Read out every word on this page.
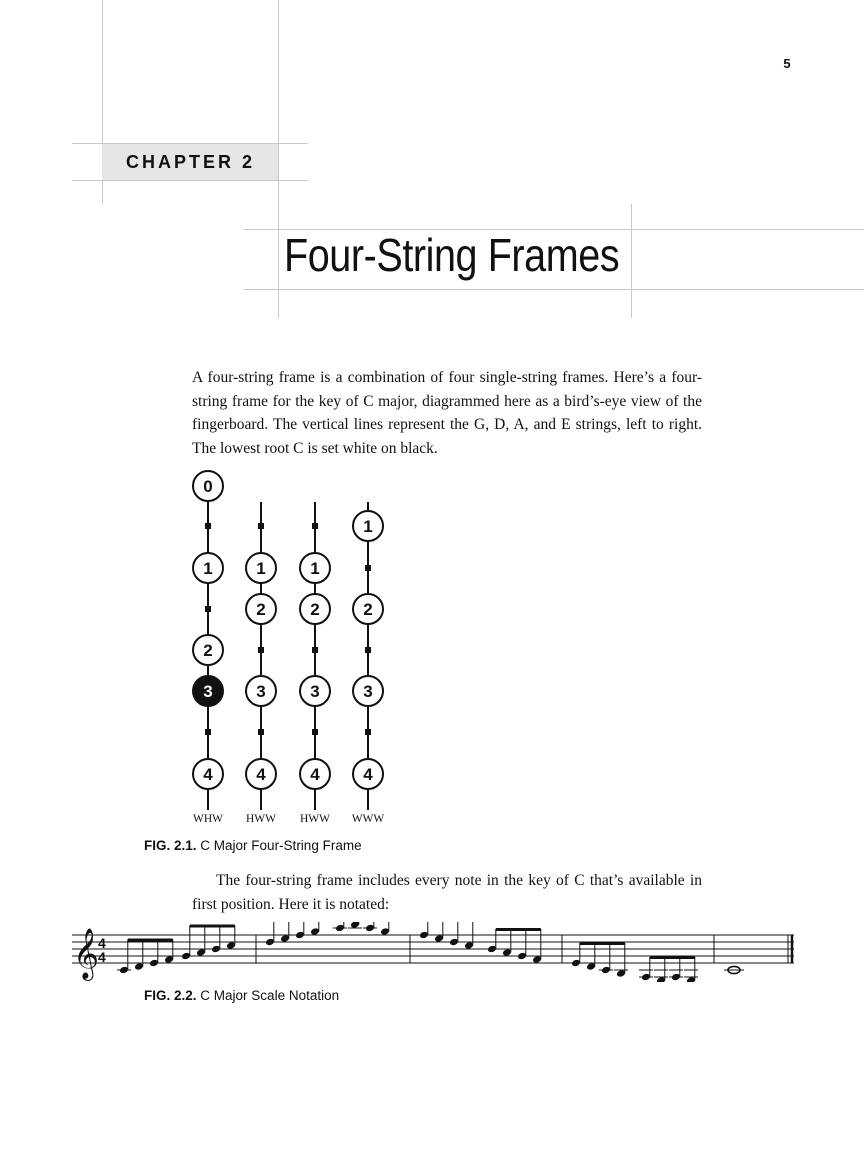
5
CHAPTER 2
Four-String Frames

A four-string frame is a combination of four single-string frames. Here’s a four-string frame for the key of C major, diagrammed here as a bird’s-eye view of the fingerboard. The vertical lines represent the G, D, A, and E strings, left to right. The lowest root C is set white on black.

0
1
2
3
4
WHW
1
2
3
4
HWW
1
2
3
4
HWW
1
2
3
4
WWW
FIG. 2.1. C Major Four-String Frame

The four-string frame includes every note in the key of C that’s available in first position. Here it is notated:

𝄞
4
4
FIG. 2.2. C Major Scale Notation
